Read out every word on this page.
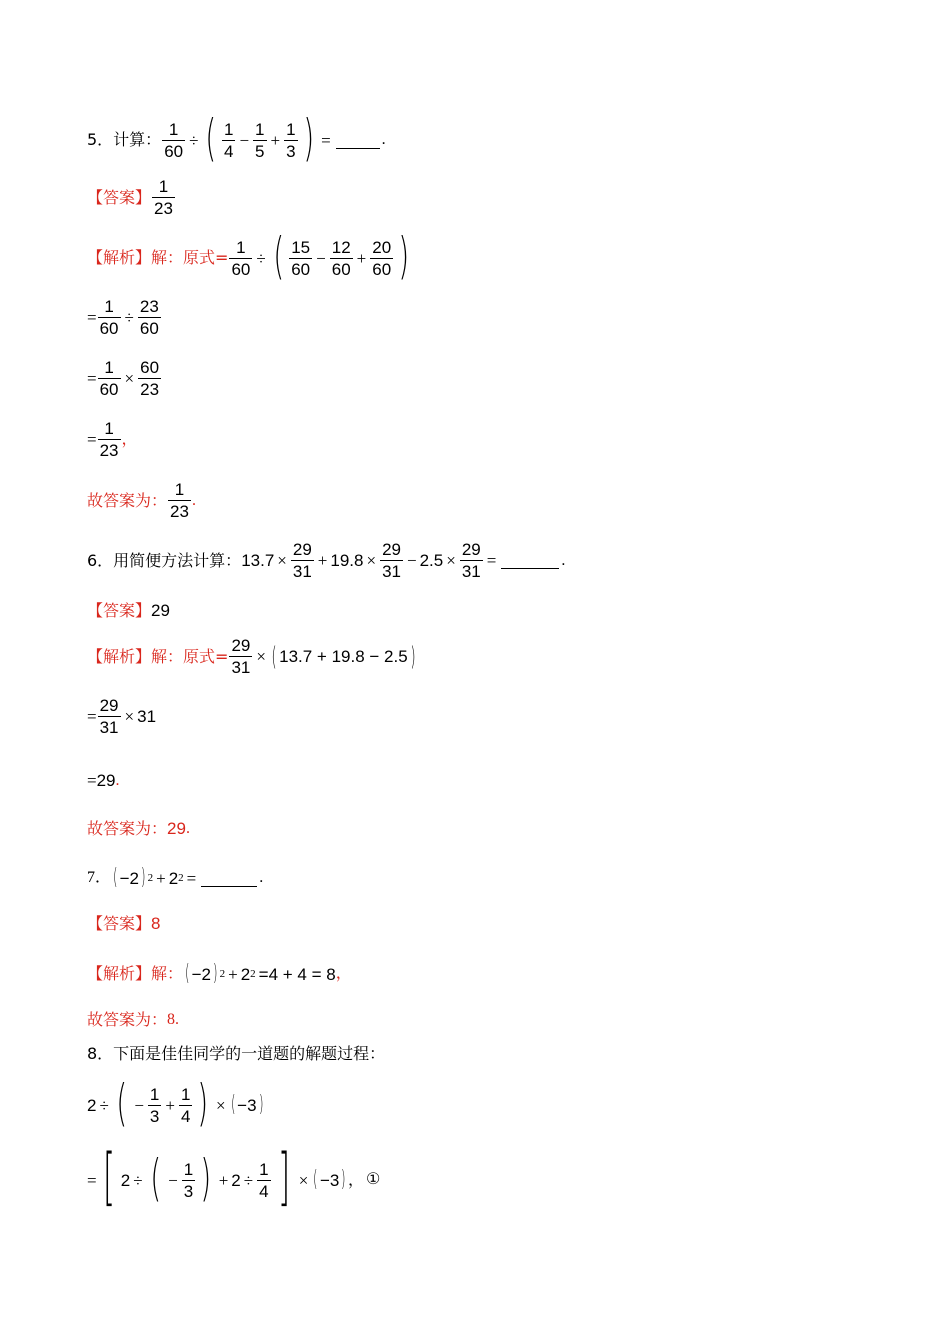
5．计算： $\frac{1}{60}$ ÷ ( $\frac{1}{4} - \frac{1}{5} + \frac{1}{3}$ ) =	.
【答案】 $\frac{1}{23}$
【解析】 解：原式= $\frac{1}{60}$ ÷ ( $\frac{15}{60} - \frac{12}{60} + \frac{20}{60}$ )
= $\frac{1}{60} \div \frac{23}{60}$
= $\frac{1}{60} \times \frac{60}{23}$
= $\frac{1}{23}$ ，
故答案为： $\frac{1}{23}$ .
6．用简便方法计算： $13.7 \times \frac{29}{31} + 19.8 \times \frac{29}{31} - 2.5 \times \frac{29}{31}$ =	.
【答案】 29
【解析】 解：原式= $\frac{29}{31}$ × ( 13.7 + 19.8 − 2.5 )
= $\frac{29}{31} \times 31$
= 29 .
故答案为： 29 .
7． ( −2 ) 2 + 2 2 =	.
【答案】 8
【解析】 解： ( −2 ) 2 + 2 2 =4 + 4 = 8 ，
故答案为： 8 .
8．下面是佳佳同学的一道题的解题过程：
2 ÷ ( − $\frac{1}{3} + \frac{1}{4}$ ) × ( −3 )
= [ 2 ÷ ( − $\frac{1}{3}$ ) + $2 \div \frac{1}{4}$ ] × ( −3 ) ， ①
